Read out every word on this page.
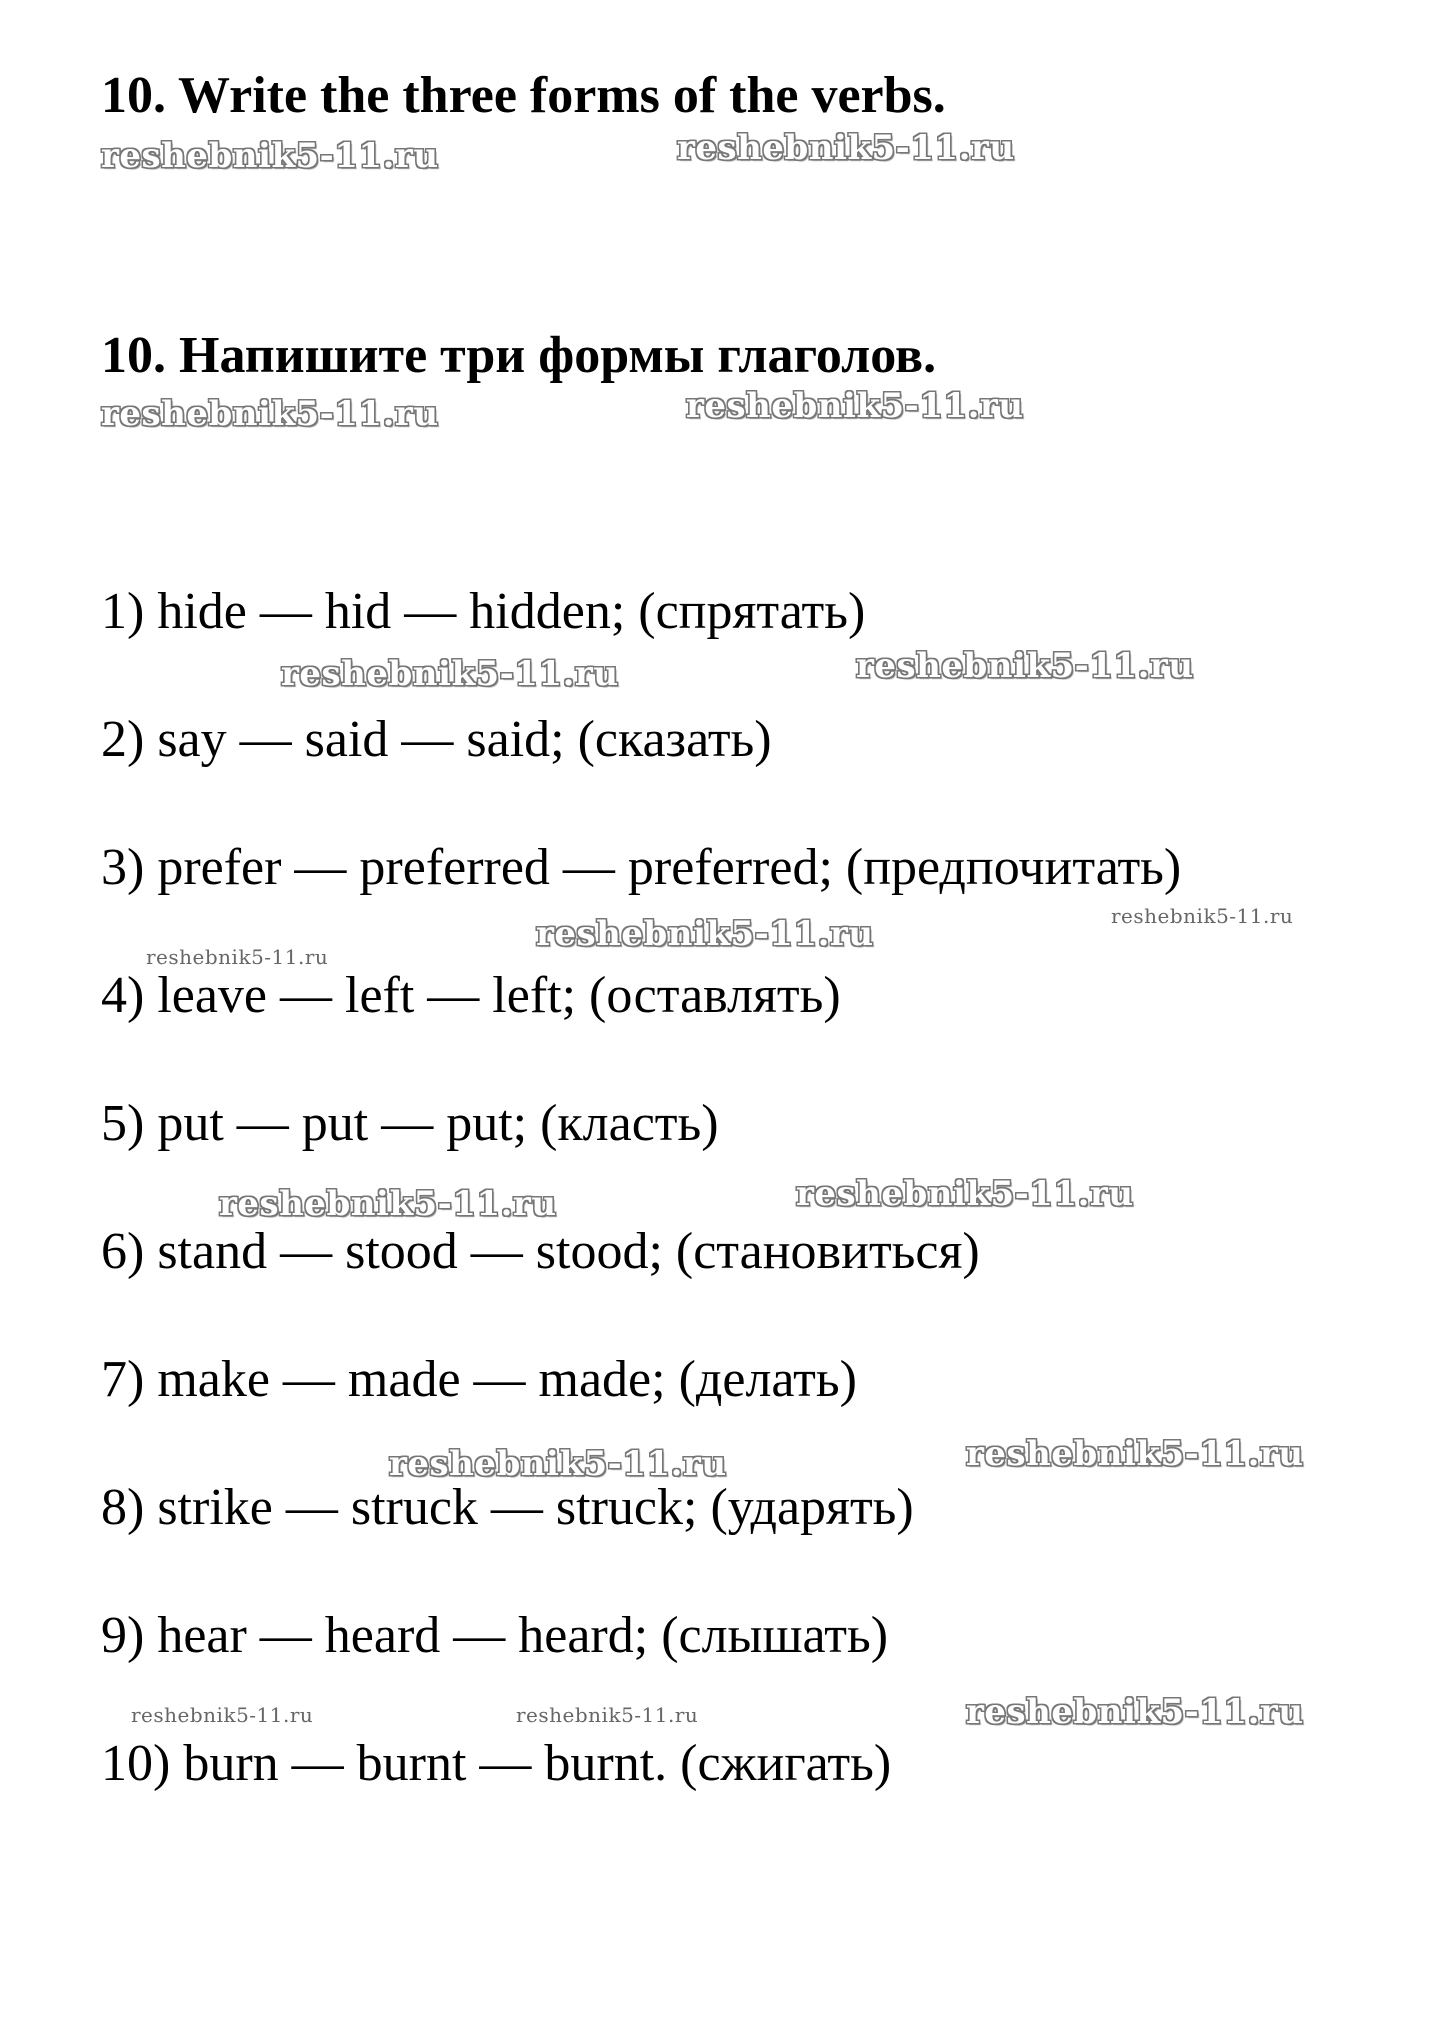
10. Write the three forms of the verbs.
10. Напишите три формы глаголов.
1) hide — hid — hidden; (спрятать)
2) say — said — said; (сказать)
3) prefer — preferred — preferred; (предпочитать)
4) leave — left — left; (оставлять)
5) put — put — put; (класть)
6) stand — stood — stood; (становиться)
7) make — made — made; (делать)
8) strike — struck — struck; (ударять)
9) hear — heard — heard; (слышать)
10) burn — burnt — burnt. (сжигать)
reshebnik5-11.ru	reshebnik5-11.ru
reshebnik5-11.ru	reshebnik5-11.ru
reshebnik5-11.ru	reshebnik5-11.ru
reshebnik5-11.ru
reshebnik5-11.ru
reshebnik5-11.ru
reshebnik5-11.ru	reshebnik5-11.ru
reshebnik5-11.ru	reshebnik5-11.ru
reshebnik5-11.ru	reshebnik5-11.ru	reshebnik5-11.ru
